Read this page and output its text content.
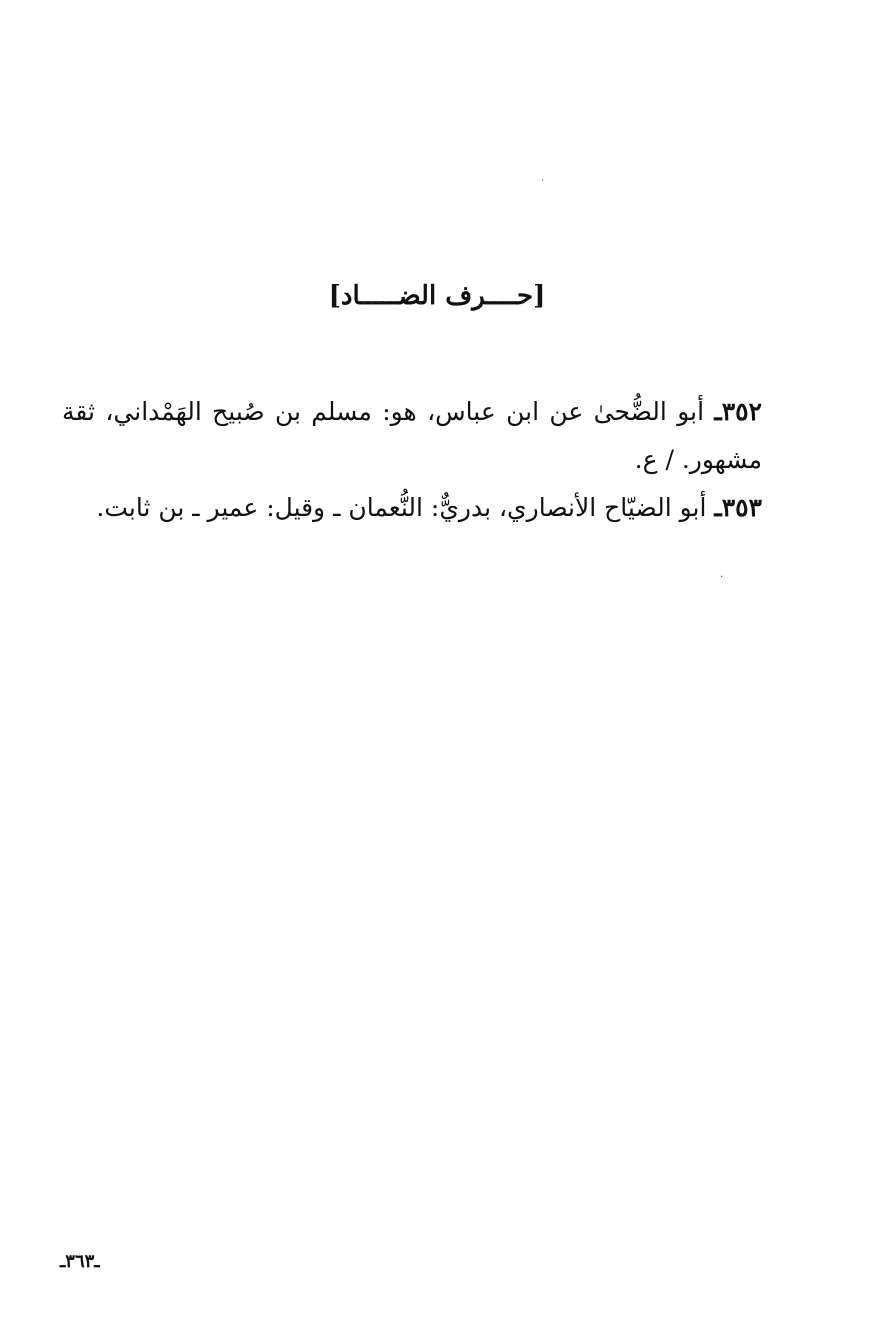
٠
.
[حــــرف الضـــــاد]

٣٥٢ـ أبو الضُّحىٰ عن ابن عباس، هو: مسلم بن صُبيح الهَمْداني، ثقة مشهور. / ع.

٣٥٣ـ أبو الضيّاح الأنصاري، بدريٌّ: النُّعمان ـ وقيل: عمير ـ بن ثابت.

ـ٣٦٣ـ
